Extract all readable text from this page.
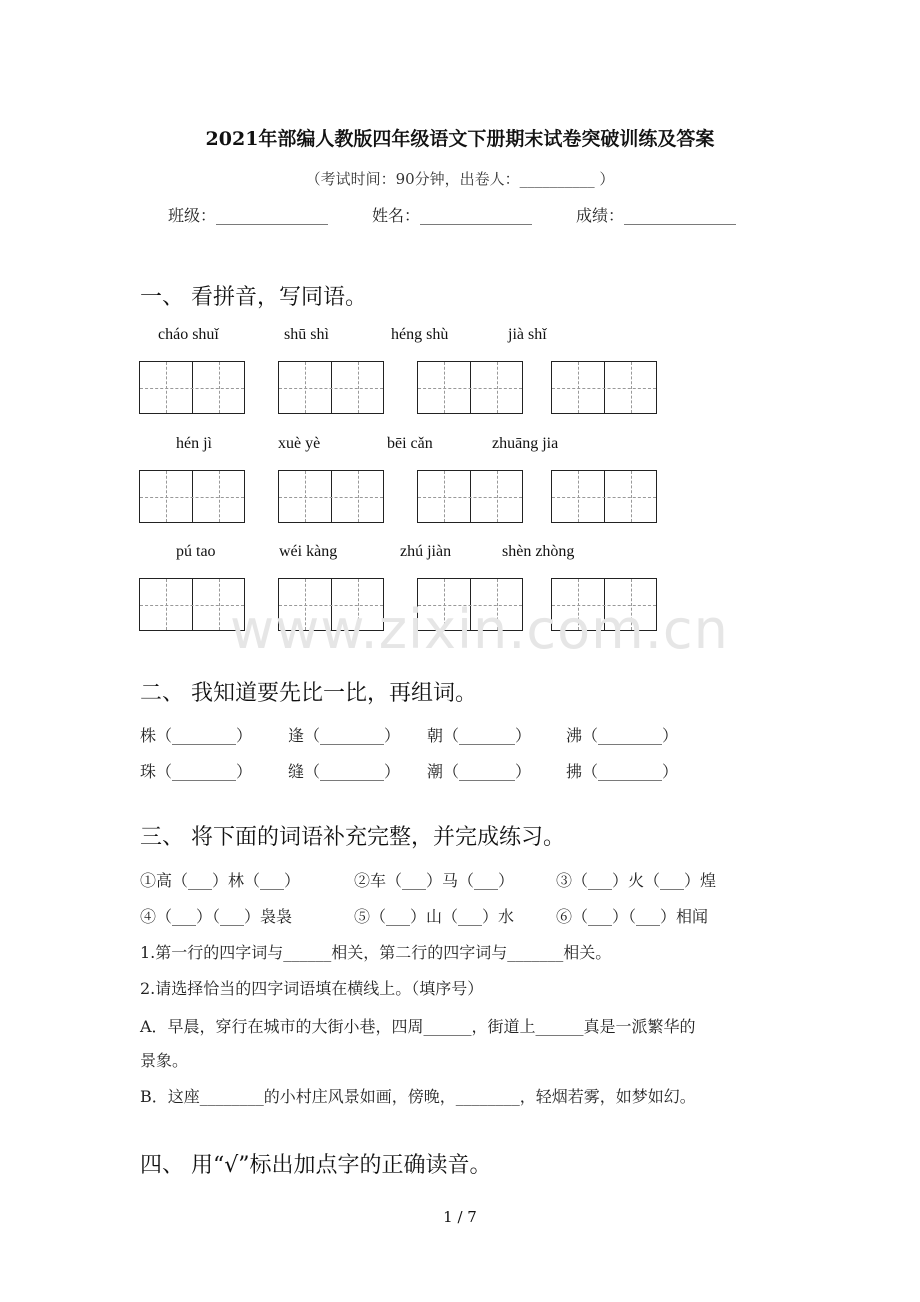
2021年部编人教版四年级语文下册期末试卷突破训练及答案
（考试时间：90分钟，出卷人：__________ ）
班级：______________	姓名：______________	成绩：______________
一、 看拼音，写同语。
cháo shuǐ	shū shì	héng shù	jià shǐ
hén jì	xuè yè	bēi cǎn	zhuāng jia
pú tao	wéi kàng	zhú jiàn	shèn zhòng
www.zixin.com.cn
二、 我知道要先比一比，再组词。
株（________） 逢（________） 朝（_______） 沸（________）
珠（________） 缝（________） 潮（_______） 拂（________）
三、 将下面的词语补充完整，并完成练习。
①高（___）林（___）	②车（___）马（___）	③（___）火（___）煌
④（___）（___）袅袅	⑤（___）山（___）水	⑥（___）（___）相闻
1.第一行的四字词与______相关，第二行的四字词与_______相关。
2.请选择恰当的四字词语填在横线上。（填序号）
A．早晨，穿行在城市的大街小巷，四周______，街道上______真是一派繁华的
景象。
B．这座________的小村庄风景如画，傍晚，________，轻烟若雾，如梦如幻。
四、 用“√”标出加点字的正确读音。
1 / 7
